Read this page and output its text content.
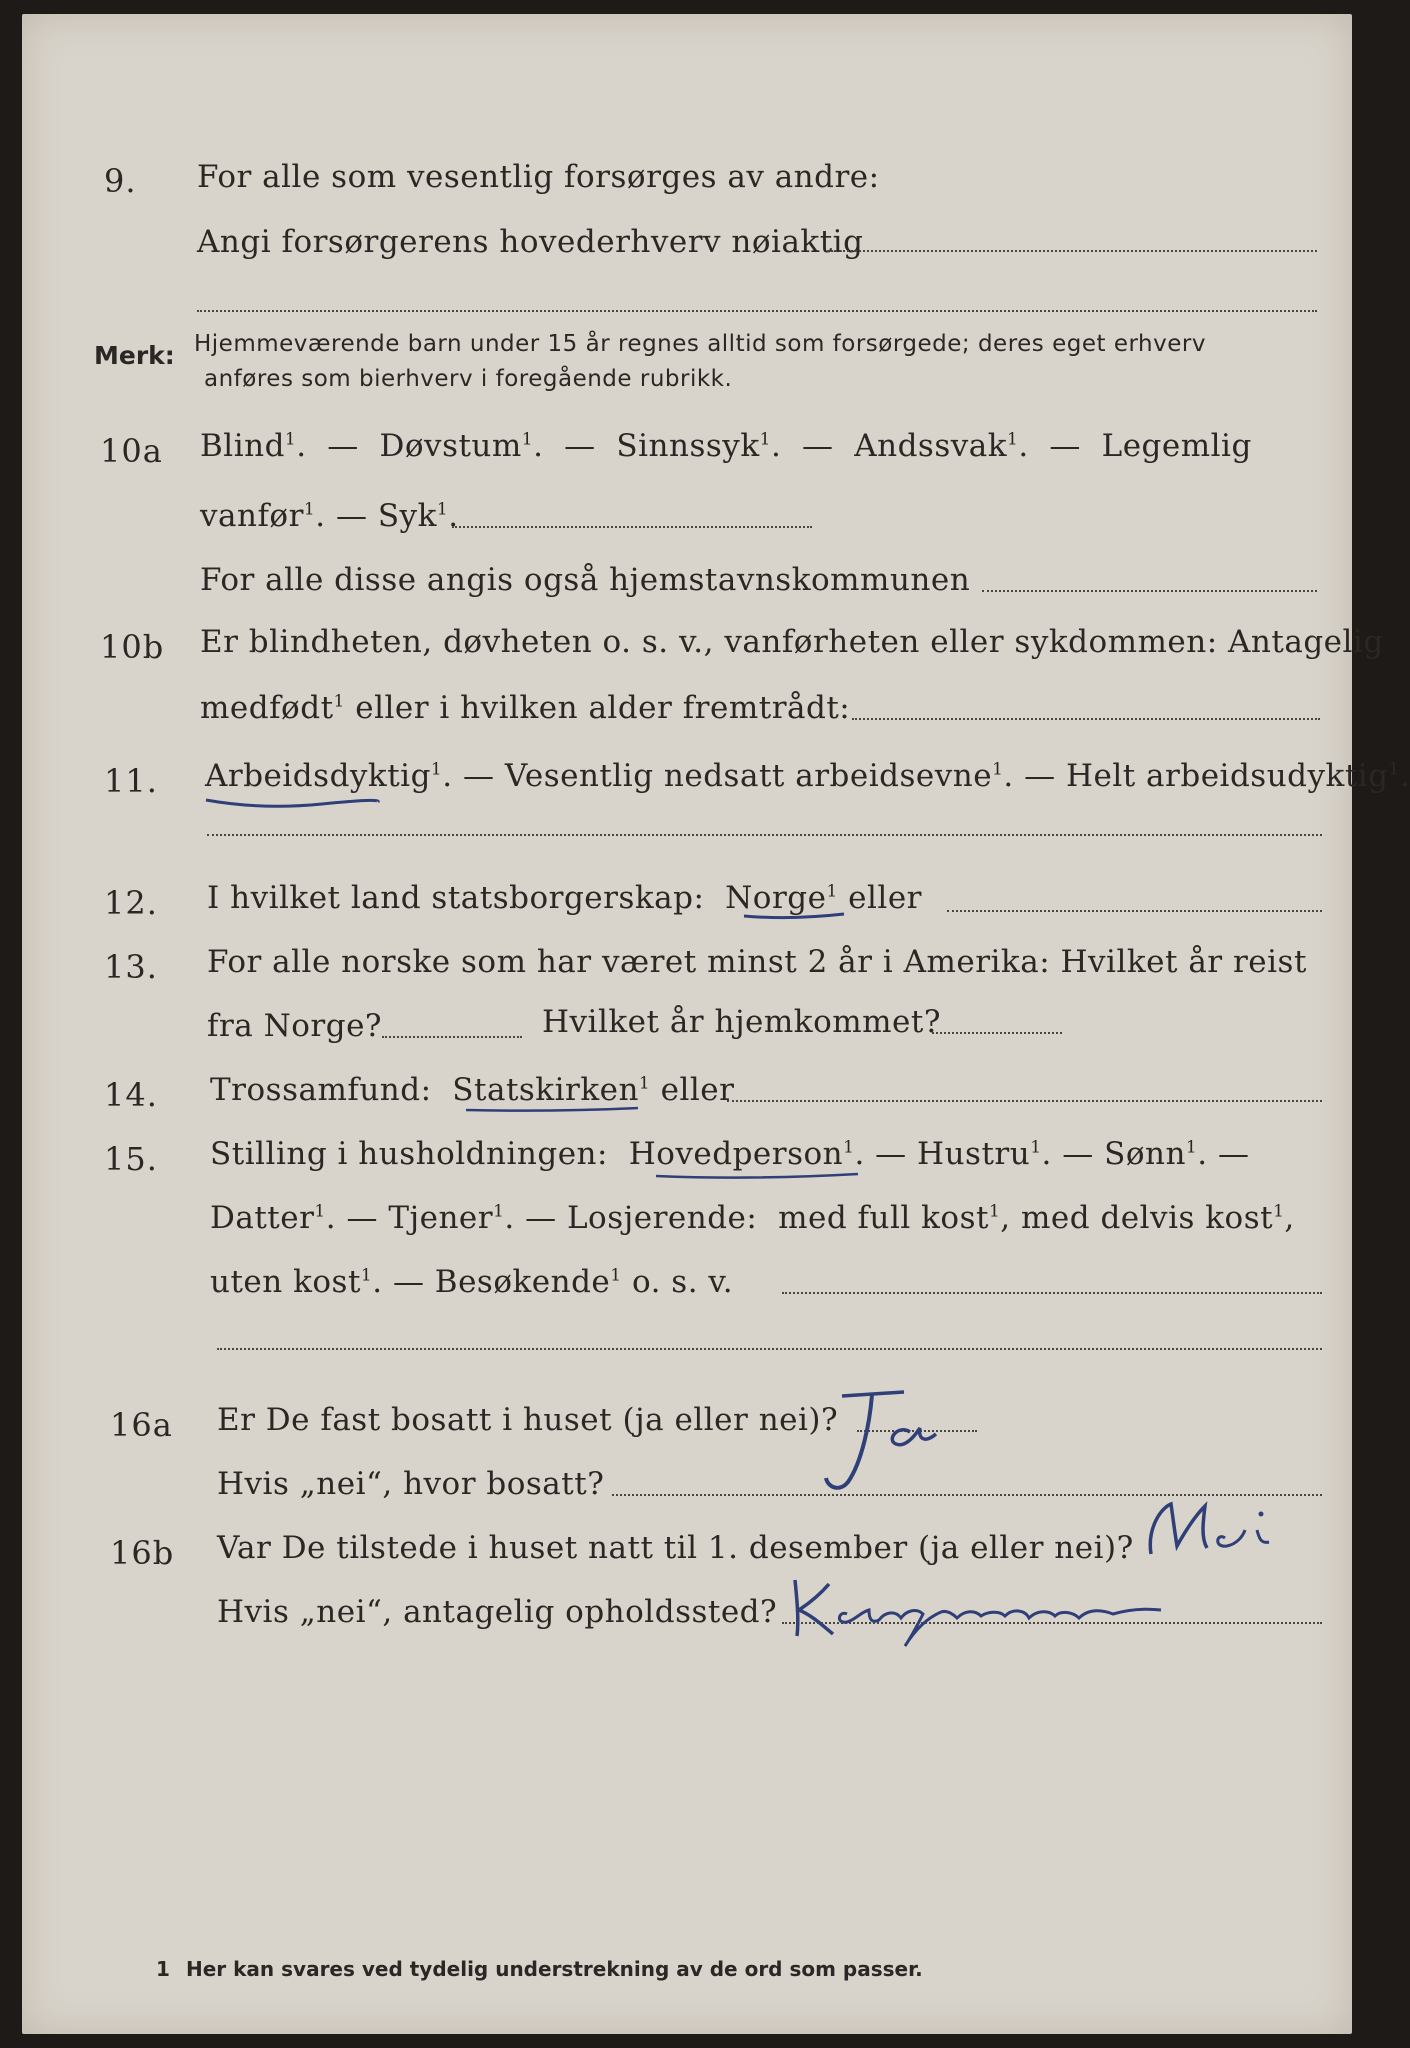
9. For alle som vesentlig forsørges av andre:
Angi forsørgerens hovederhverv nøiaktig
Merk: Hjemmeværende barn under 15 år regnes alltid som forsørgede; deres eget erhverv
anføres som bierhverv i foregående rubrikk.
10a Blind$^1$.  —  Døvstum$^1$.  —  Sinnssyk$^1$.  —  Andssvak$^1$.  —  Legemlig
vanfør$^1$. — Syk$^1$.
For alle disse angis også hjemstavnskommunen
10b Er blindheten, døvheten o. s. v., vanførheten eller sykdommen: Antagelig
medfødt$^1$ eller i hvilken alder fremtrådt:
11. Arbeidsdyktig$^1$. — Vesentlig nedsatt arbeidsevne$^1$. — Helt arbeidsudyktig$^1$.
12. I hvilket land statsborgerskap: Norge$^1$ eller
13. For alle norske som har været minst 2 år i Amerika: Hvilket år reist
fra Norge?	Hvilket år hjemkommet?
14. Trossamfund: Statskirken$^1$ eller
15. Stilling i husholdningen: Hovedperson$^1$. — Hustru$^1$. — Sønn$^1$. —
Datter$^1$. — Tjener$^1$. — Losjerende: med full kost$^1$, med delvis kost$^1$,
uten kost$^1$. — Besøkende$^1$ o. s. v.
16a Er De fast bosatt i huset (ja eller nei)?
Hvis „nei“, hvor bosatt?
16b Var De tilstede i huset natt til 1. desember (ja eller nei)?
Hvis „nei“, antagelig opholdssted?
1 Her kan svares ved tydelig understrekning av de ord som passer.
